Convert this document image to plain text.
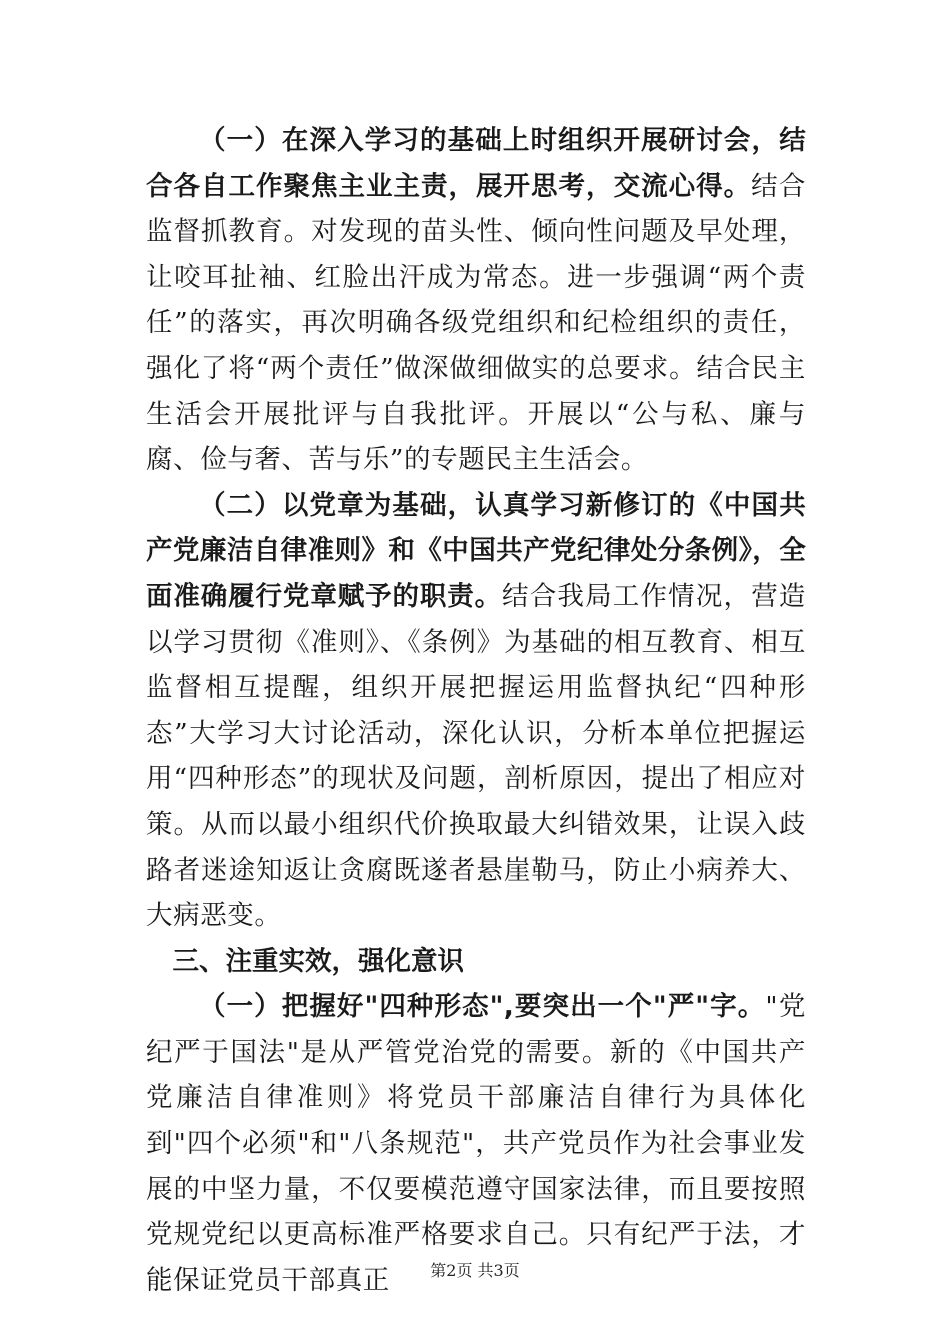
（一）在深入学习的基础上时组织开展研讨会，结合各自工作聚焦主业主责，展开思考，交流心得。结合监督抓教育。对发现的苗头性、倾向性问题及早处理，让咬耳扯袖、红脸出汗成为常态。进一步强调“两个责任”的落实，再次明确各级党组织和纪检组织的责任，强化了将“两个责任”做深做细做实的总要求。结合民主生活会开展批评与自我批评。开展以“公与私、廉与腐、俭与奢、苦与乐”的专题民主生活会。

（二）以党章为基础，认真学习新修订的《中国共产党廉洁自律准则》和《中国共产党纪律处分条例》，全面准确履行党章赋予的职责。结合我局工作情况，营造以学习贯彻《准则》、《条例》为基础的相互教育、相互监督相互提醒，组织开展把握运用监督执纪“四种形态”大学习大讨论活动，深化认识，分析本单位把握运用“四种形态”的现状及问题，剖析原因，提出了相应对策。从而以最小组织代价换取最大纠错效果，让误入歧路者迷途知返让贪腐既遂者悬崖勒马，防止小病养大、大病恶变。

三、注重实效，强化意识

（一）把握好"四种形态",要突出一个"严"字。"党纪严于国法"是从严管党治党的需要。新的《中国共产党廉洁自律准则》将党员干部廉洁自律行为具体化到"四个必须"和"八条规范"，共产党员作为社会事业发展的中坚力量，不仅要模范遵守国家法律，而且要按照党规党纪以更高标准严格要求自己。只有纪严于法，才能保证党员干部真正	第2页 共3页
